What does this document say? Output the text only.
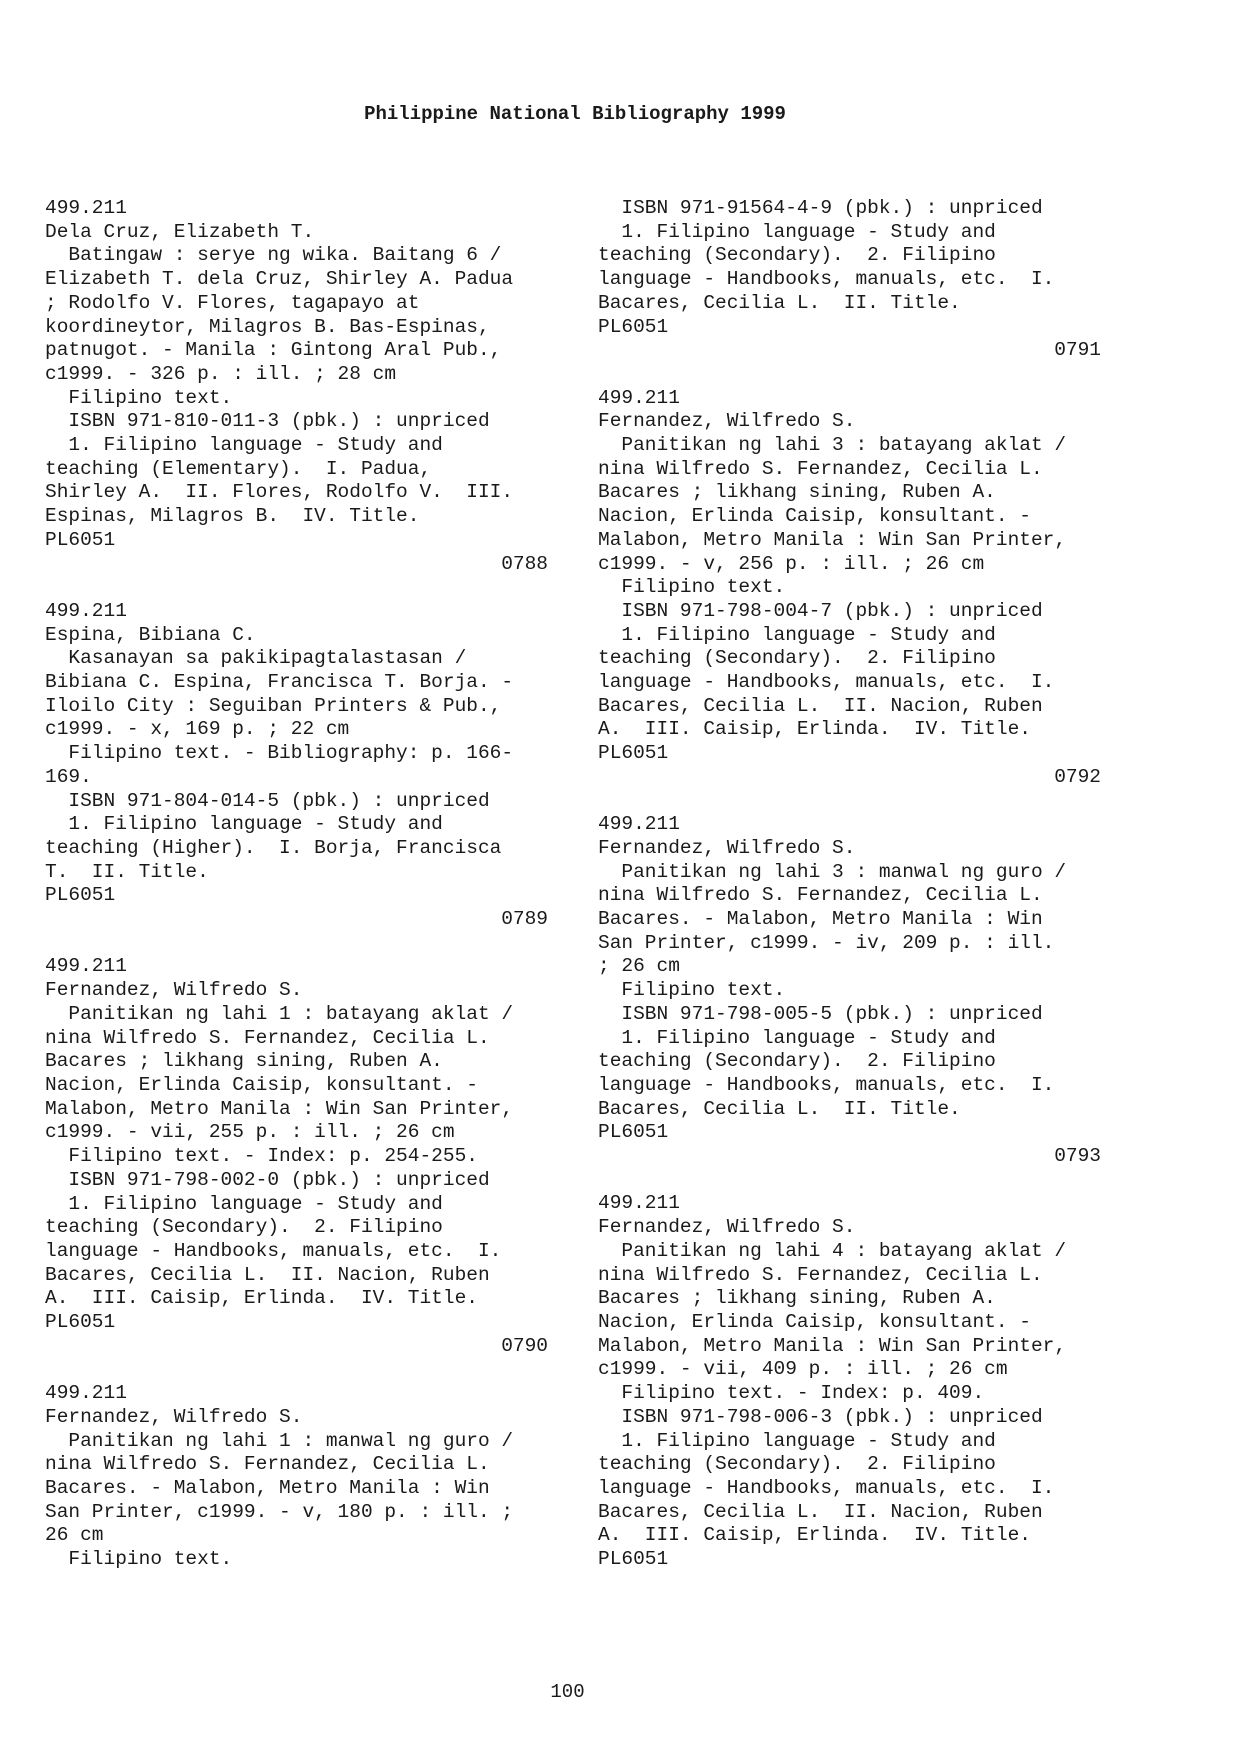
Philippine National Bibliography 1999
499.211
Dela Cruz, Elizabeth T.
Batingaw : serye ng wika. Baitang 6 /
Elizabeth T. dela Cruz, Shirley A. Padua
; Rodolfo V. Flores, tagapayo at
koordineytor, Milagros B. Bas-Espinas,
patnugot. - Manila : Gintong Aral Pub.,
c1999. - 326 p. : ill. ; 28 cm
Filipino text.
ISBN 971-810-011-3 (pbk.) : unpriced
1. Filipino language - Study and
teaching (Elementary).  I. Padua,
Shirley A.  II. Flores, Rodolfo V.  III.
Espinas, Milagros B.  IV. Title.
PL6051
0788
499.211
Espina, Bibiana C.
Kasanayan sa pakikipagtalastasan /
Bibiana C. Espina, Francisca T. Borja. -
Iloilo City : Seguiban Printers & Pub.,
c1999. - x, 169 p. ; 22 cm
Filipino text. - Bibliography: p. 166-
169.
ISBN 971-804-014-5 (pbk.) : unpriced
1. Filipino language - Study and
teaching (Higher).  I. Borja, Francisca
T.  II. Title.
PL6051
0789
499.211
Fernandez, Wilfredo S.
Panitikan ng lahi 1 : batayang aklat /
nina Wilfredo S. Fernandez, Cecilia L.
Bacares ; likhang sining, Ruben A.
Nacion, Erlinda Caisip, konsultant. -
Malabon, Metro Manila : Win San Printer,
c1999. - vii, 255 p. : ill. ; 26 cm
Filipino text. - Index: p. 254-255.
ISBN 971-798-002-0 (pbk.) : unpriced
1. Filipino language - Study and
teaching (Secondary).  2. Filipino
language - Handbooks, manuals, etc.  I.
Bacares, Cecilia L.  II. Nacion, Ruben
A.  III. Caisip, Erlinda.  IV. Title.
PL6051
0790
499.211
Fernandez, Wilfredo S.
Panitikan ng lahi 1 : manwal ng guro /
nina Wilfredo S. Fernandez, Cecilia L.
Bacares. - Malabon, Metro Manila : Win
San Printer, c1999. - v, 180 p. : ill. ;
26 cm
Filipino text.
ISBN 971-91564-4-9 (pbk.) : unpriced
1. Filipino language - Study and
teaching (Secondary).  2. Filipino
language - Handbooks, manuals, etc.  I.
Bacares, Cecilia L.  II. Title.
PL6051
0791
499.211
Fernandez, Wilfredo S.
Panitikan ng lahi 3 : batayang aklat /
nina Wilfredo S. Fernandez, Cecilia L.
Bacares ; likhang sining, Ruben A.
Nacion, Erlinda Caisip, konsultant. -
Malabon, Metro Manila : Win San Printer,
c1999. - v, 256 p. : ill. ; 26 cm
Filipino text.
ISBN 971-798-004-7 (pbk.) : unpriced
1. Filipino language - Study and
teaching (Secondary).  2. Filipino
language - Handbooks, manuals, etc.  I.
Bacares, Cecilia L.  II. Nacion, Ruben
A.  III. Caisip, Erlinda.  IV. Title.
PL6051
0792
499.211
Fernandez, Wilfredo S.
Panitikan ng lahi 3 : manwal ng guro /
nina Wilfredo S. Fernandez, Cecilia L.
Bacares. - Malabon, Metro Manila : Win
San Printer, c1999. - iv, 209 p. : ill.
; 26 cm
Filipino text.
ISBN 971-798-005-5 (pbk.) : unpriced
1. Filipino language - Study and
teaching (Secondary).  2. Filipino
language - Handbooks, manuals, etc.  I.
Bacares, Cecilia L.  II. Title.
PL6051
0793
499.211
Fernandez, Wilfredo S.
Panitikan ng lahi 4 : batayang aklat /
nina Wilfredo S. Fernandez, Cecilia L.
Bacares ; likhang sining, Ruben A.
Nacion, Erlinda Caisip, konsultant. -
Malabon, Metro Manila : Win San Printer,
c1999. - vii, 409 p. : ill. ; 26 cm
Filipino text. - Index: p. 409.
ISBN 971-798-006-3 (pbk.) : unpriced
1. Filipino language - Study and
teaching (Secondary).  2. Filipino
language - Handbooks, manuals, etc.  I.
Bacares, Cecilia L.  II. Nacion, Ruben
A.  III. Caisip, Erlinda.  IV. Title.
PL6051
100
